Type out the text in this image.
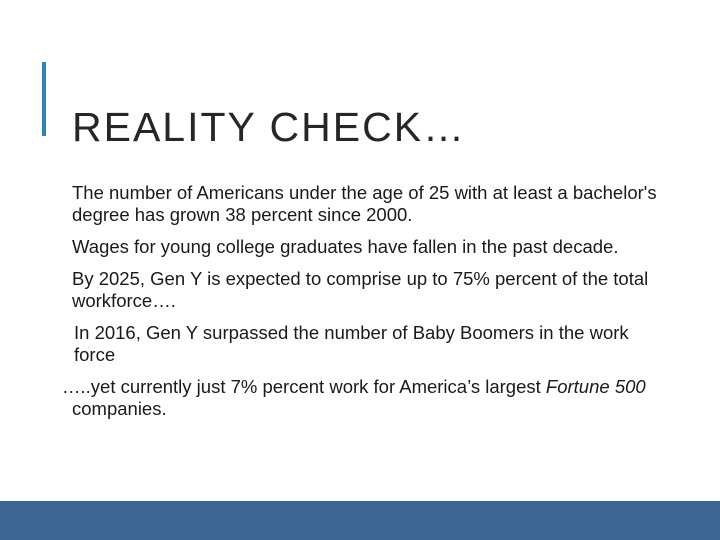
REALITY CHECK…

The number of Americans under the age of 25 with at least a bachelor's degree has grown 38 percent since 2000.

Wages for young college graduates have fallen in the past decade.

By 2025, Gen Y is expected to comprise up to 75% percent of the total workforce….

In 2016, Gen Y surpassed the number of Baby Boomers in the work force

…..yet currently just 7% percent work for America’s largest Fortune 500 companies.
